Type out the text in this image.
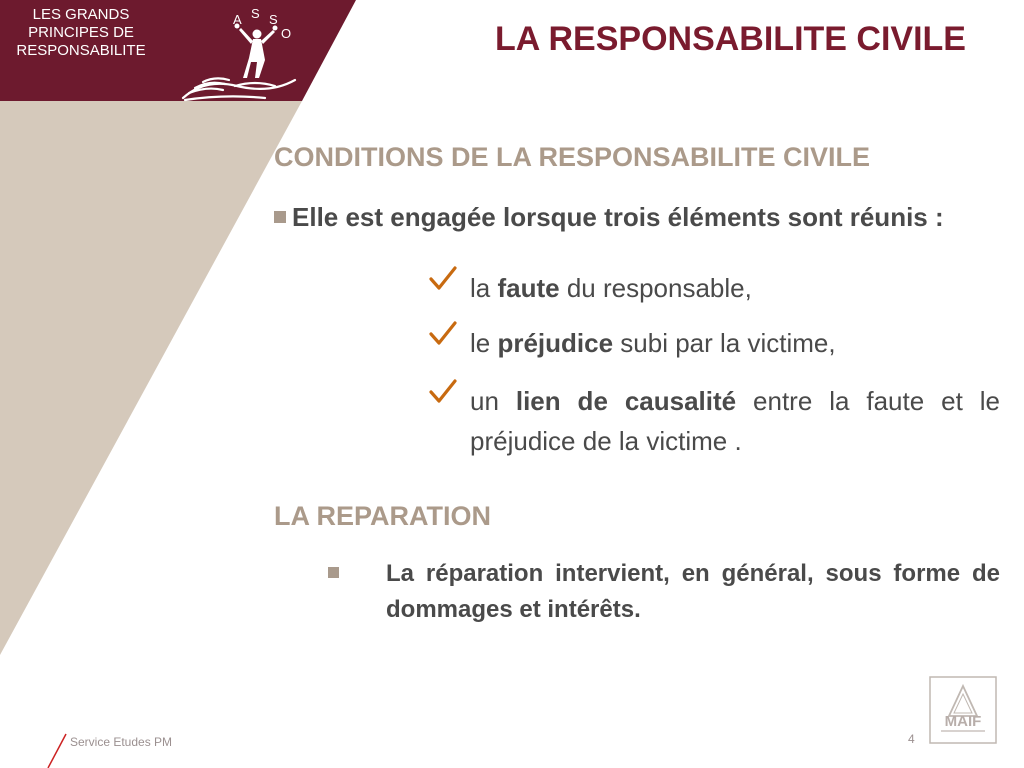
LES GRANDS
PRINCIPES DE
RESPONSABILITE
A S S
O	LA RESPONSABILITE CIVILE
CONDITIONS DE LA RESPONSABILITE CIVILE
Elle est engagée lorsque trois éléments sont réunis :
la faute du responsable,
le préjudice subi par la victime,
un lien de causalité entre la faute et le préjudice de la victime .
LA REPARATION
La réparation intervient, en général, sous forme de dommages et intérêts.
Service Etudes PM	4
MAIF
